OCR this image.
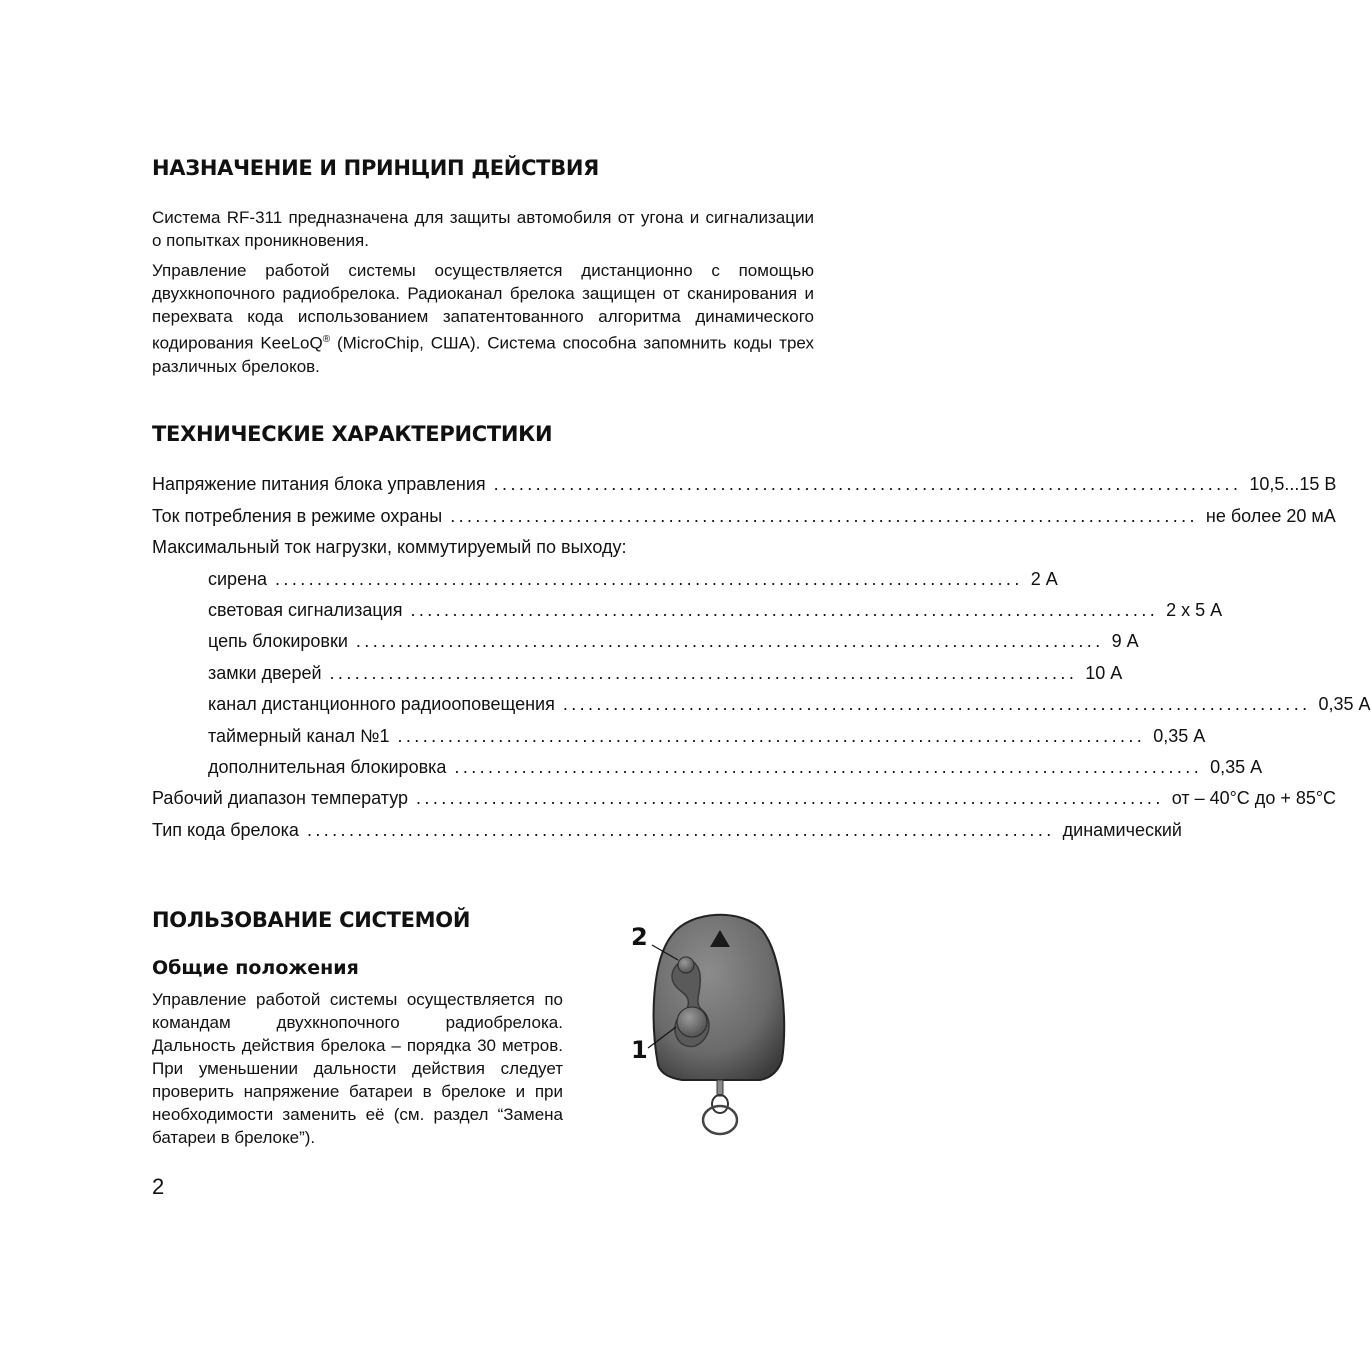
НАЗНАЧЕНИЕ И ПРИНЦИП ДЕЙСТВИЯ

Система RF-311 предназначена для защиты автомобиля от угона и сигнализации о попытках проникновения.

Управление работой системы осуществляется дистанционно с помощью двухкнопочного радиобрелока. Радиоканал брелока защищен от сканирования и перехвата кода использованием запатентованного алгоритма динамического кодирования KeeLoQ® (MicroChip, США). Система способна запомнить коды трех различных брелоков.

ТЕХНИЧЕСКИЕ ХАРАКТЕРИСТИКИ
Напряжение питания блока управления ......................................................................................... 10,5...15 В
Ток потребления в режиме охраны ......................................................................................... не более 20 мА
Максимальный ток нагрузки, коммутируемый по выходу:
сирена ......................................................................................... 2 А
световая сигнализация ......................................................................................... 2 х 5 А
цепь блокировки ......................................................................................... 9 А
замки дверей ......................................................................................... 10 А
канал дистанционного радиооповещения ......................................................................................... 0,35 А
таймерный канал №1 ......................................................................................... 0,35 А
дополнительная блокировка ......................................................................................... 0,35 А
Рабочий диапазон температур ......................................................................................... от – 40°С до + 85°С
Тип кода брелока ......................................................................................... динамический
ПОЛЬЗОВАНИЕ СИСТЕМОЙ
Общие положения

Управление работой системы осуществляется по командам двухкнопочного радиобрелока. Дальность действия брелока – порядка 30 метров. При уменьшении дальности действия следует проверить напряжение батареи в брелоке и при необходимости заменить её (см. раздел “Замена батареи в брелоке”).

2
1
2
